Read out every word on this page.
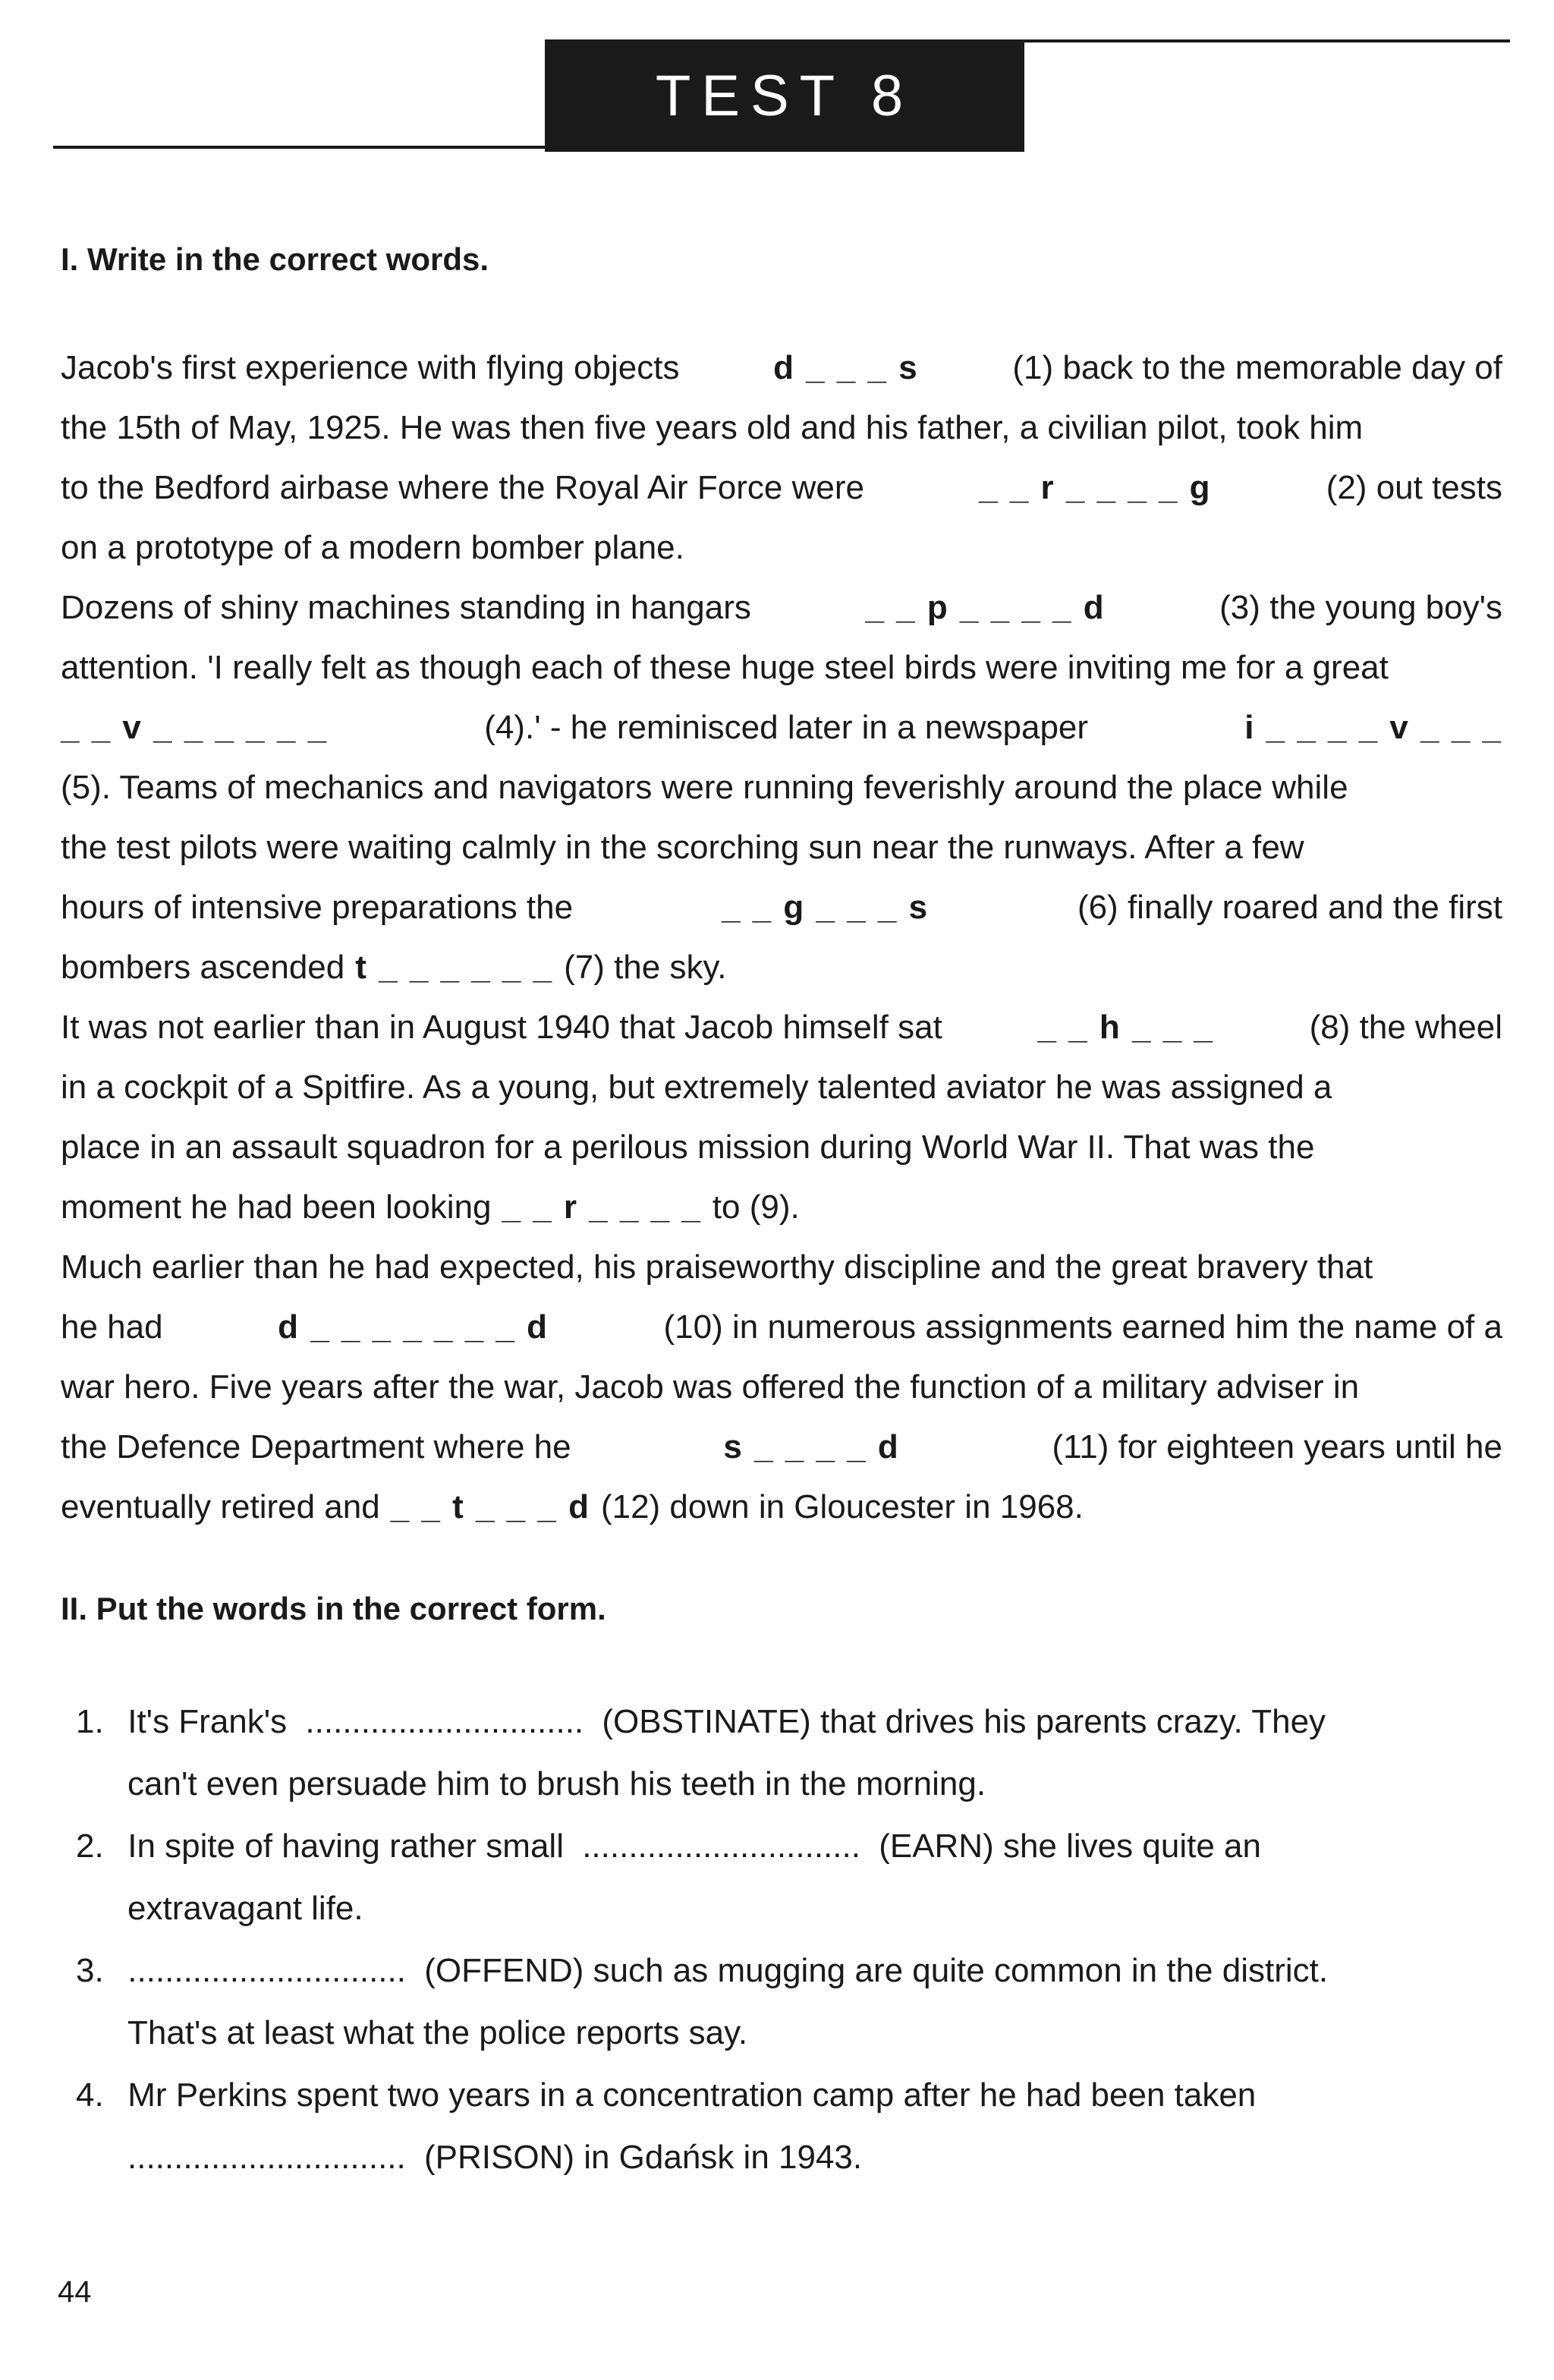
TEST 8
I. Write in the correct words.
Jacob's first experience with flying objects	d _ _ _ s	(1) back to the memorable day of
the 15th of May, 1925. He was then five years old and his father, a civilian pilot, took him
to the Bedford airbase where the Royal Air Force were	_ _ r _ _ _ _ g	(2) out tests
on a prototype of a modern bomber plane.
Dozens of shiny machines standing in hangars	_ _ p _ _ _ _ d	(3) the young boy's
attention. 'I really felt as though each of these huge steel birds were inviting me for a great
_ _ v _ _ _ _ _ _	(4).' - he reminisced later in a newspaper	i _ _ _ _ v _ _ _
(5). Teams of mechanics and navigators were running feverishly around the place while
the test pilots were waiting calmly in the scorching sun near the runways. After a few
hours of intensive preparations the	_ _ g _ _ _ s	(6) finally roared and the first
bombers ascended t _ _ _ _ _ _ (7) the sky.
It was not earlier than in August 1940 that Jacob himself sat	_ _ h _ _ _	(8) the wheel
in a cockpit of a Spitfire. As a young, but extremely talented aviator he was assigned a
place in an assault squadron for a perilous mission during World War II. That was the
moment he had been looking _ _ r _ _ _ _ to (9).
Much earlier than he had expected, his praiseworthy discipline and the great bravery that
he had	d _ _ _ _ _ _ _ d	(10) in numerous assignments earned him the name of a
war hero. Five years after the war, Jacob was offered the function of a military adviser in
the Defence Department where he	s _ _ _ _ d	(11) for eighteen years until he
eventually retired and _ _ t _ _ _ d (12) down in Gloucester in 1968.
II. Put the words in the correct form.
1. It's Frank's .............................. (OBSTINATE) that drives his parents crazy. They
can't even persuade him to brush his teeth in the morning.
2. In spite of having rather small .............................. (EARN) she lives quite an
extravagant life.
3. .............................. (OFFEND) such as mugging are quite common in the district.
That's at least what the police reports say.
4. Mr Perkins spent two years in a concentration camp after he had been taken
.............................. (PRISON) in Gdańsk in 1943.
44
